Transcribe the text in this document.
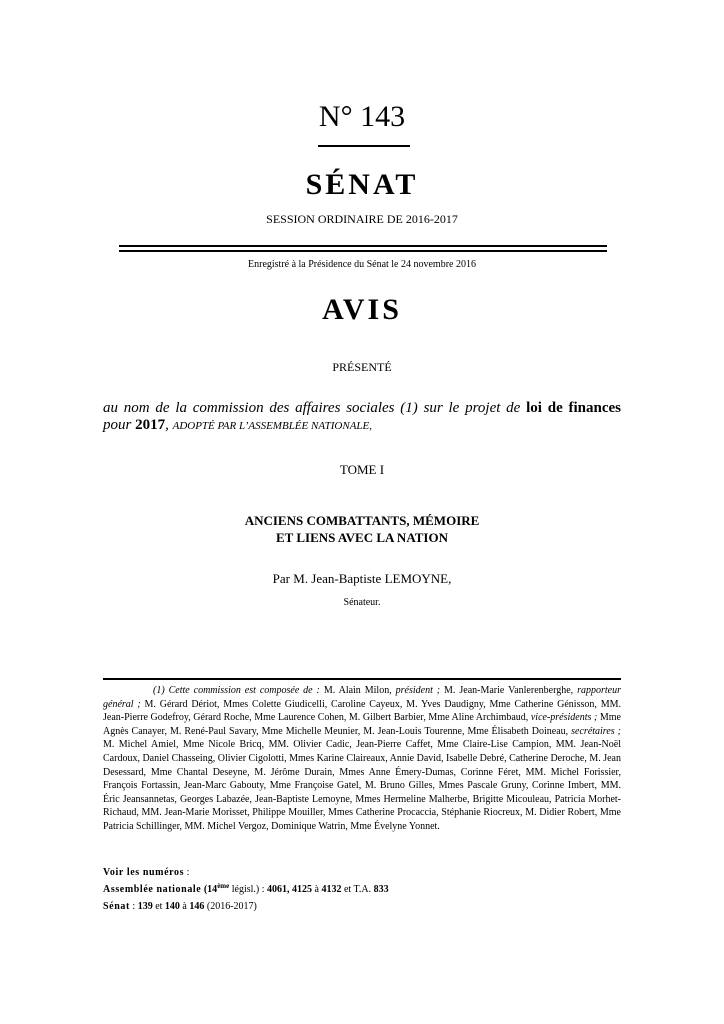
N° 143
SÉNAT
SESSION ORDINAIRE DE 2016-2017
Enregistré à la Présidence du Sénat le 24 novembre 2016
AVIS
PRÉSENTÉ
au nom de la commission des affaires sociales (1) sur le projet de loi de finances pour 2017, ADOPTÉ PAR L’ASSEMBLÉE NATIONALE,
TOME I
ANCIENS COMBATTANTS, MÉMOIRE
ET LIENS AVEC LA NATION
Par M. Jean-Baptiste LEMOYNE,
Sénateur.
(1) Cette commission est composée de : M. Alain Milon, président ; M. Jean-Marie Vanlerenberghe, rapporteur général ; M. Gérard Dériot, Mmes Colette Giudicelli, Caroline Cayeux, M. Yves Daudigny, Mme Catherine Génisson, MM. Jean-Pierre Godefroy, Gérard Roche, Mme Laurence Cohen, M. Gilbert Barbier, Mme Aline Archimbaud, vice-présidents ; Mme Agnès Canayer, M. René-Paul Savary, Mme Michelle Meunier, M. Jean-Louis Tourenne, Mme Élisabeth Doineau, secrétaires ; M. Michel Amiel, Mme Nicole Bricq, MM. Olivier Cadic, Jean-Pierre Caffet, Mme Claire-Lise Campion, MM. Jean-Noël Cardoux, Daniel Chasseing, Olivier Cigolotti, Mmes Karine Claireaux, Annie David, Isabelle Debré, Catherine Deroche, M. Jean Desessard, Mme Chantal Deseyne, M. Jérôme Durain, Mmes Anne Émery-Dumas, Corinne Féret, MM. Michel Forissier, François Fortassin, Jean-Marc Gabouty, Mme Françoise Gatel, M. Bruno Gilles, Mmes Pascale Gruny, Corinne Imbert, MM. Éric Jeansannetas, Georges Labazée, Jean-Baptiste Lemoyne, Mmes Hermeline Malherbe, Brigitte Micouleau, Patricia Morhet-Richaud, MM. Jean-Marie Morisset, Philippe Mouiller, Mmes Catherine Procaccia, Stéphanie Riocreux, M. Didier Robert, Mme Patricia Schillinger, MM. Michel Vergoz, Dominique Watrin, Mme Évelyne Yonnet.
Voir les numéros :
Assemblée nationale (14ème législ.) : 4061, 4125 à 4132 et T.A. 833
Sénat : 139 et 140 à 146 (2016-2017)
